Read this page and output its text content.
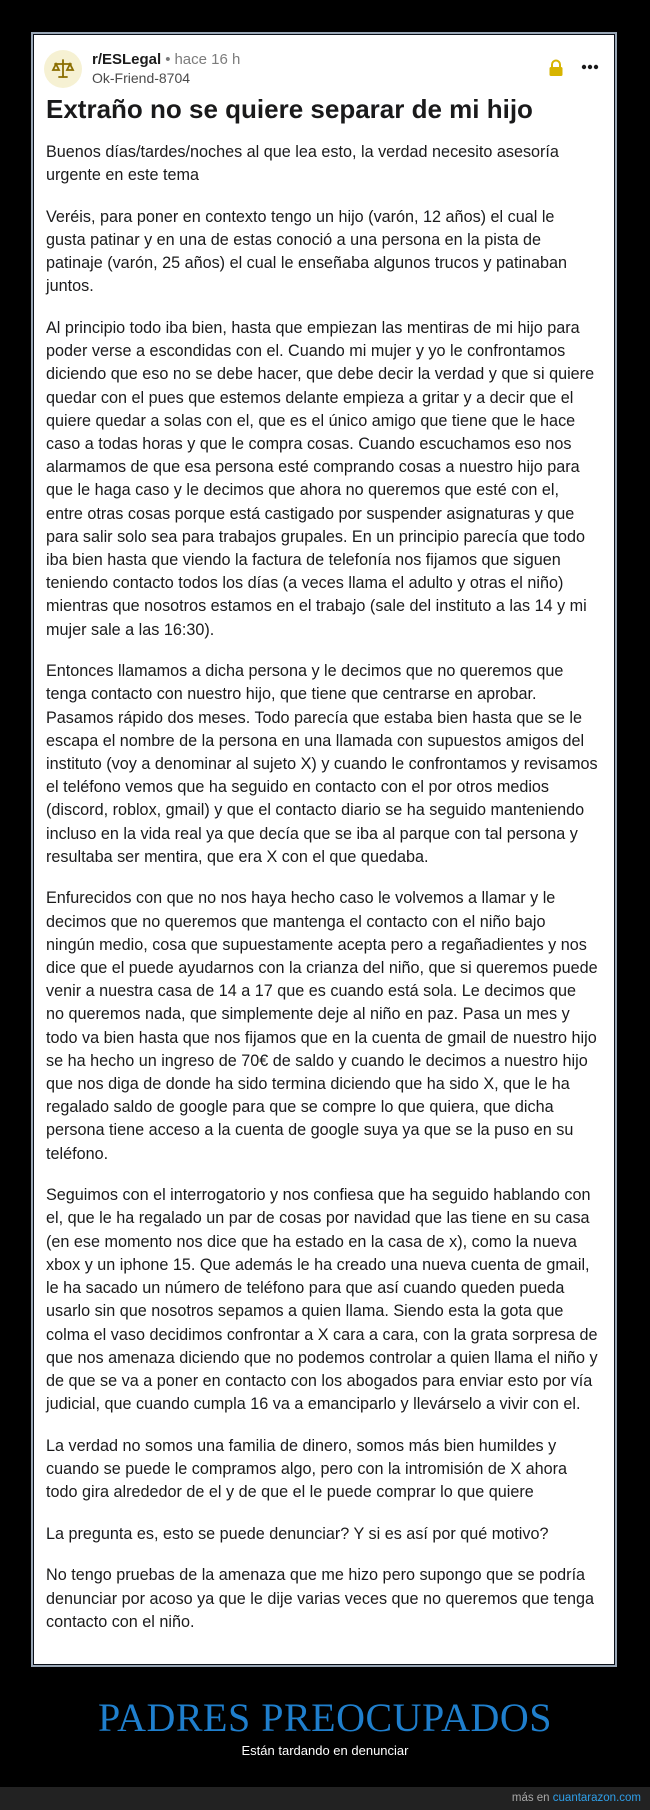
r/ESLegal • hace 16 h
Ok-Friend-8704
Extraño no se quiere separar de mi hijo

Buenos días/tardes/noches al que lea esto, la verdad necesito asesoría urgente en este tema

Veréis, para poner en contexto tengo un hijo (varón, 12 años) el cual le gusta patinar y en una de estas conoció a una persona en la pista de patinaje (varón, 25 años) el cual le enseñaba algunos trucos y patinaban juntos.

Al principio todo iba bien, hasta que empiezan las mentiras de mi hijo para poder verse a escondidas con el. Cuando mi mujer y yo le confrontamos diciendo que eso no se debe hacer, que debe decir la verdad y que si quiere quedar con el pues que estemos delante empieza a gritar y a decir que el quiere quedar a solas con el, que es el único amigo que tiene que le hace caso a todas horas y que le compra cosas. Cuando escuchamos eso nos alarmamos de que esa persona esté comprando cosas a nuestro hijo para que le haga caso y le decimos que ahora no queremos que esté con el, entre otras cosas porque está castigado por suspender asignaturas y que para salir solo sea para trabajos grupales. En un principio parecía que todo iba bien hasta que viendo la factura de telefonía nos fijamos que siguen teniendo contacto todos los días (a veces llama el adulto y otras el niño) mientras que nosotros estamos en el trabajo (sale del instituto a las 14 y mi mujer sale a las 16:30).

Entonces llamamos a dicha persona y le decimos que no queremos que tenga contacto con nuestro hijo, que tiene que centrarse en aprobar. Pasamos rápido dos meses. Todo parecía que estaba bien hasta que se le escapa el nombre de la persona en una llamada con supuestos amigos del instituto (voy a denominar al sujeto X) y cuando le confrontamos y revisamos el teléfono vemos que ha seguido en contacto con el por otros medios (discord, roblox, gmail) y que el contacto diario se ha seguido manteniendo incluso en la vida real ya que decía que se iba al parque con tal persona y resultaba ser mentira, que era X con el que quedaba.

Enfurecidos con que no nos haya hecho caso le volvemos a llamar y le decimos que no queremos que mantenga el contacto con el niño bajo ningún medio, cosa que supuestamente acepta pero a regañadientes y nos dice que el puede ayudarnos con la crianza del niño, que si queremos puede venir a nuestra casa de 14 a 17 que es cuando está sola. Le decimos que no queremos nada, que simplemente deje al niño en paz. Pasa un mes y todo va bien hasta que nos fijamos que en la cuenta de gmail de nuestro hijo se ha hecho un ingreso de 70€ de saldo y cuando le decimos a nuestro hijo que nos diga de donde ha sido termina diciendo que ha sido X, que le ha regalado saldo de google para que se compre lo que quiera, que dicha persona tiene acceso a la cuenta de google suya ya que se la puso en su teléfono.

Seguimos con el interrogatorio y nos confiesa que ha seguido hablando con el, que le ha regalado un par de cosas por navidad que las tiene en su casa (en ese momento nos dice que ha estado en la casa de x), como la nueva xbox y un iphone 15. Que además le ha creado una nueva cuenta de gmail, le ha sacado un número de teléfono para que así cuando queden pueda usarlo sin que nosotros sepamos a quien llama. Siendo esta la gota que colma el vaso decidimos confrontar a X cara a cara, con la grata sorpresa de que nos amenaza diciendo que no podemos controlar a quien llama el niño y de que se va a poner en contacto con los abogados para enviar esto por vía judicial, que cuando cumpla 16 va a emanciparlo y llevárselo a vivir con el.

La verdad no somos una familia de dinero, somos más bien humildes y cuando se puede le compramos algo, pero con la intromisión de X ahora todo gira alrededor de el y de que el le puede comprar lo que quiere

La pregunta es, esto se puede denunciar? Y si es así por qué motivo?

No tengo pruebas de la amenaza que me hizo pero supongo que se podría denunciar por acoso ya que le dije varias veces que no queremos que tenga contacto con el niño.

PADRES PREOCUPADOS
Están tardando en denunciar
más en cuantarazon.com
